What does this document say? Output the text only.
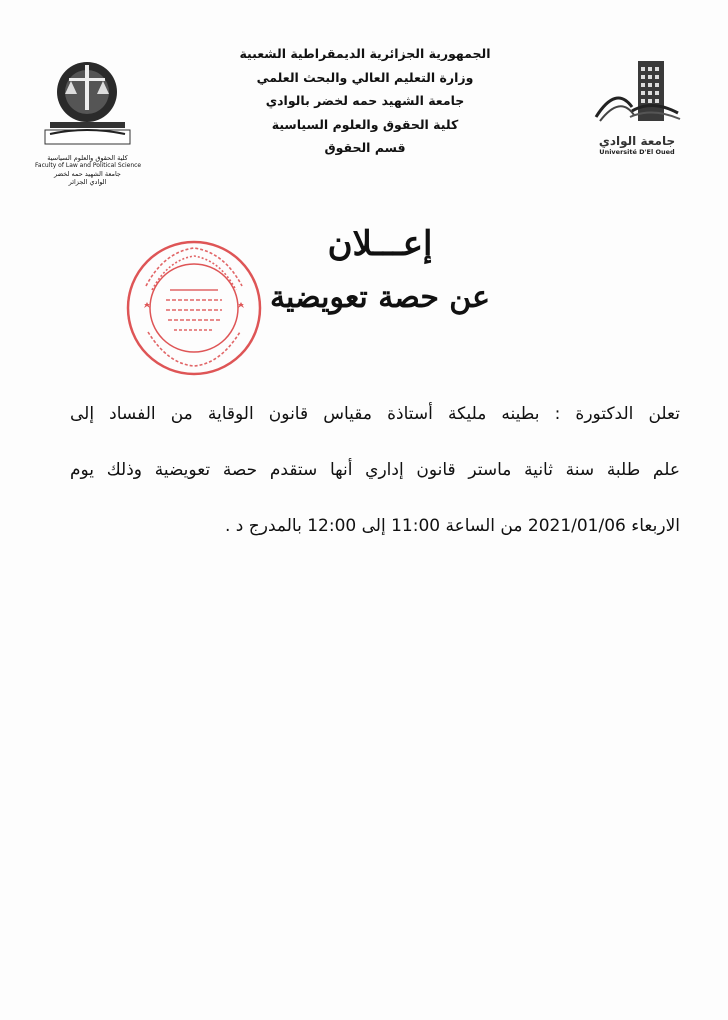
كلية الحقوق والعلوم السياسية
Faculty of Law and Political Science
جامعة الشهيد حمه لخضر
الوادي الجزائر
الجمهورية الجزائرية الديمقراطية الشعبية
وزارة التعليم العالي والبحث العلمي
جامعة الشهيد حمه لخضر بالوادي
كلية الحقوق والعلوم السياسية
قسم الحقوق	جامعة الوادي
Université D'El Oued
إعـــلان
عن حصة تعويضية
تعلن الدكتورة : بطينه مليكة أستاذة مقياس قانون الوقاية من الفساد إلى
علم طلبة سنة ثانية ماستر قانون إداري أنها ستقدم حصة تعويضية وذلك يوم
الاربعاء 2021/01/06 من الساعة 11:00 إلى 12:00 بالمدرج د .
